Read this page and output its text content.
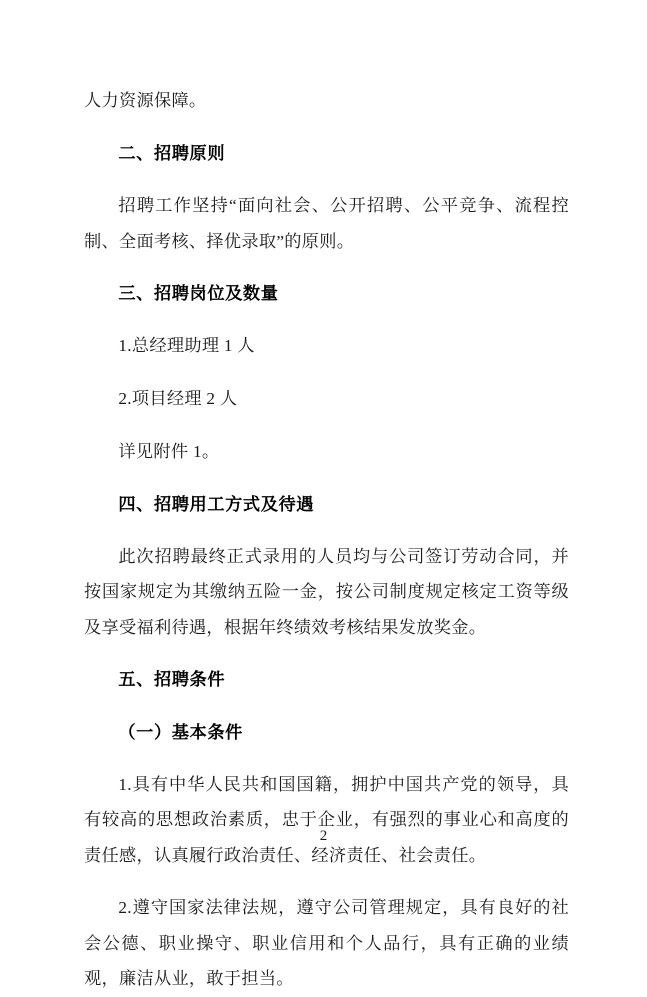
人力资源保障。

二、招聘原则

招聘工作坚持“面向社会、公开招聘、公平竞争、流程控制、全面考核、择优录取”的原则。

三、招聘岗位及数量

1.总经理助理 1 人

2.项目经理 2 人

详见附件 1。

四、招聘用工方式及待遇

此次招聘最终正式录用的人员均与公司签订劳动合同，并按国家规定为其缴纳五险一金，按公司制度规定核定工资等级及享受福利待遇，根据年终绩效考核结果发放奖金。

五、招聘条件

（一）基本条件

1.具有中华人民共和国国籍，拥护中国共产党的领导，具有较高的思想政治素质，忠于企业，有强烈的事业心和高度的责任感，认真履行政治责任、经济责任、社会责任。

2.遵守国家法律法规，遵守公司管理规定，具有良好的社会公德、职业操守、职业信用和个人品行，具有正确的业绩观，廉洁从业，敢于担当。

2
